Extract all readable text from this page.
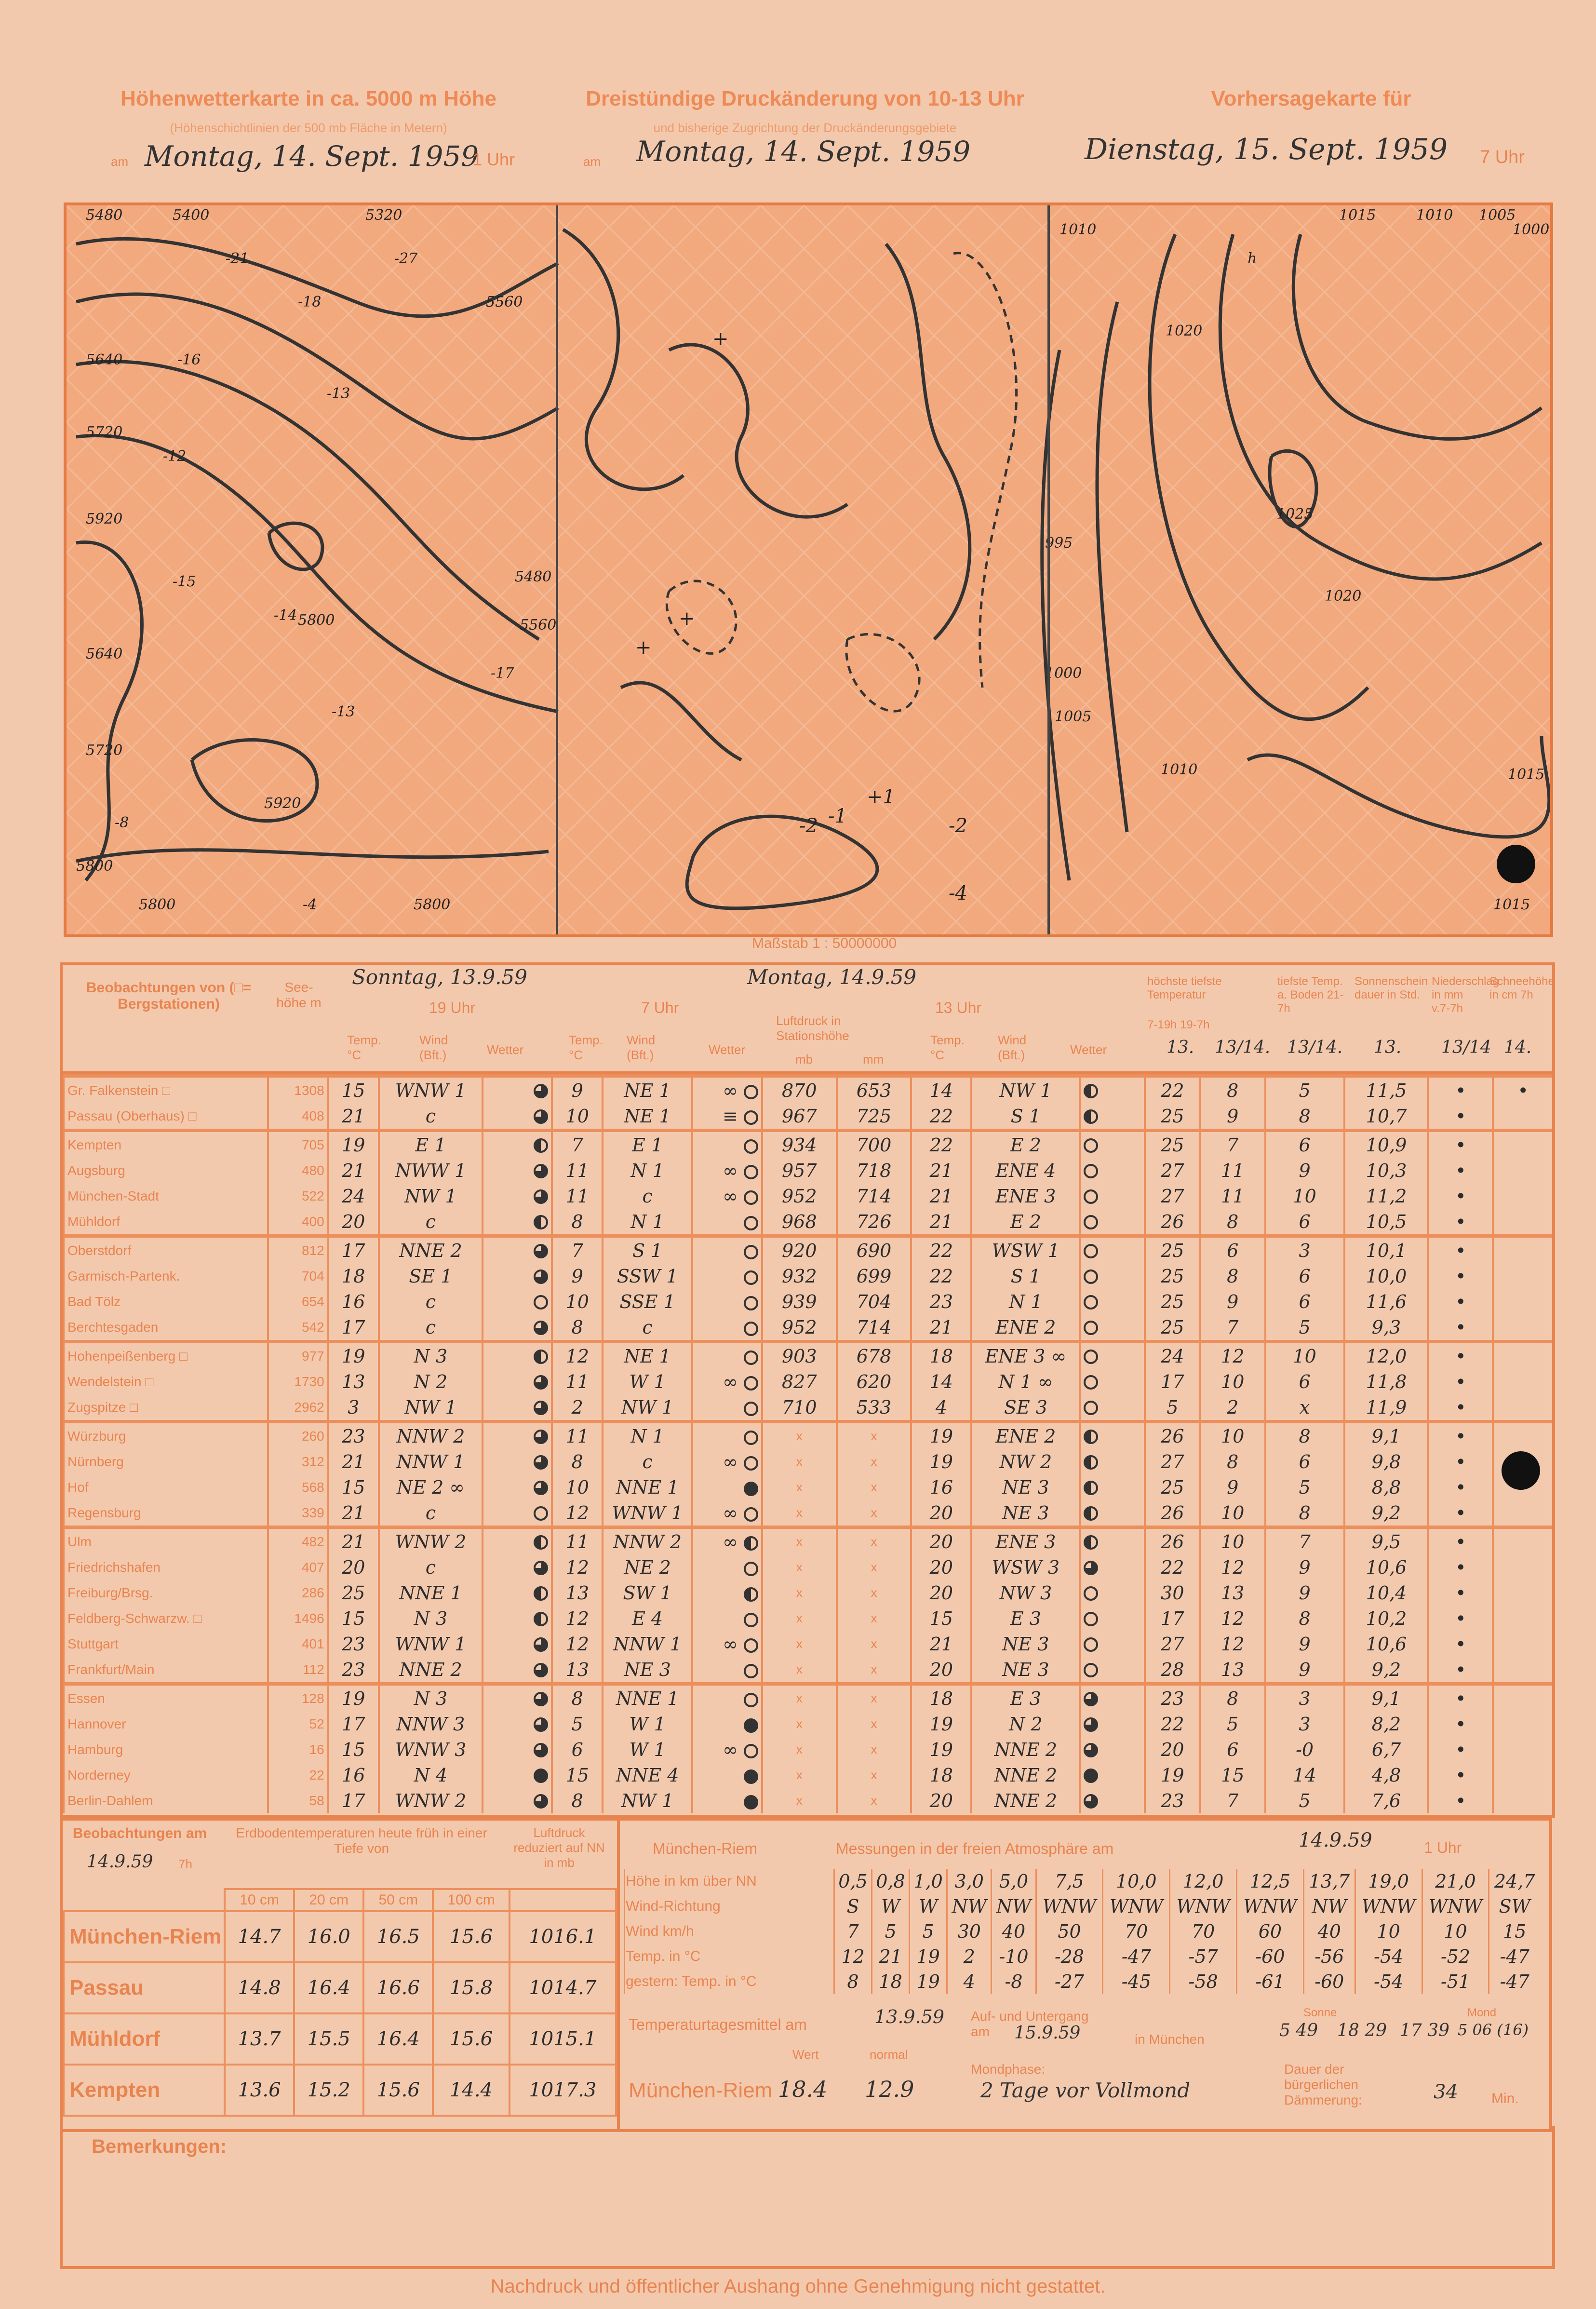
Höhenwetterkarte in ca. 5000 m Höhe
(Höhenschichtlinien der 500 mb Fläche in Metern)
am Montag, 14. Sept. 1959
1 Uhr
Dreistündige Druckänderung von 10-13 Uhr
und bisherige Zugrichtung der Druckänderungsgebiete
am Montag, 14. Sept. 1959
Vorhersagekarte für
Dienstag, 15. Sept. 1959 7 Uhr
5480	5400	5320
-21	-27
5560
-18
5640	-16
5720
-12
-13
5920
-15
5800
5640
-14
5480
5560
-17
-13
5720
5920
-8
5800
5800	5800
-4
+
+
+
-2 -1
+1
-2
-4
1010
1015	1010 1005
1000
1020
1025
1020
995
1000
1005
1010	1015
1015
h
Maßstab 1 : 50000000
Beobachtungen von (□= Bergstationen)
See-höhe m
Sonntag, 13.9.59	Montag, 14.9.59
19 Uhr	7 Uhr	13 Uhr
Temp. °C
Wind (Bft.)	Wetter
Temp. °C
Wind (Bft.)	Wetter
Luftdruck in Stationshöhe
mb	mm
Temp. °C
Wind (Bft.)	Wetter
höchste tiefste Temperatur
7-19h 19-7h
tiefste Temp. a. Boden 21-7h
Sonnenschein dauer in Std.
Niederschlag in mm v.7-7h
Schneehöhe in cm 7h
13. 13/14. 13/14. 13. 13/14 14.
Gr. Falkenstein □	1308	15	WNW 1		9	NE 1	∞	870	653	14	NW 1		22	8	5	11,5	•	•
Passau (Oberhaus) □	408	21	c		10	NE 1	≡	967	725	22	S 1		25	9	8	10,7	•	
Kempten	705	19	E 1		7	E 1		934	700	22	E 2		25	7	6	10,9	•	
Augsburg	480	21	NWW 1		11	N 1	∞	957	718	21	ENE 4		27	11	9	10,3	•	
München-Stadt	522	24	NW 1		11	c	∞	952	714	21	ENE 3		27	11	10	11,2	•	
Mühldorf	400	20	c		8	N 1		968	726	21	E 2		26	8	6	10,5	•	
Oberstdorf	812	17	NNE 2		7	S 1		920	690	22	WSW 1		25	6	3	10,1	•	
Garmisch-Partenk.	704	18	SE 1		9	SSW 1		932	699	22	S 1		25	8	6	10,0	•	
Bad Tölz	654	16	c		10	SSE 1		939	704	23	N 1		25	9	6	11,6	•	
Berchtesgaden	542	17	c		8	c		952	714	21	ENE 2		25	7	5	9,3	•	
Hohenpeißenberg □	977	19	N 3		12	NE 1		903	678	18	ENE 3 ∞		24	12	10	12,0	•	
Wendelstein □	1730	13	N 2		11	W 1	∞	827	620	14	N 1 ∞		17	10	6	11,8	•	
Zugspitze □	2962	3	NW 1		2	NW 1		710	533	4	SE 3		5	2	x	11,9	•	
Würzburg	260	23	NNW 2		11	N 1		x	x	19	ENE 2		26	10	8	9,1	•	
Nürnberg	312	21	NNW 1		8	c	∞	x	x	19	NW 2		27	8	6	9,8	•	
Hof	568	15	NE 2 ∞		10	NNE 1		x	x	16	NE 3		25	9	5	8,8	•	
Regensburg	339	21	c		12	WNW 1	∞	x	x	20	NE 3		26	10	8	9,2	•	
Ulm	482	21	WNW 2		11	NNW 2	∞	x	x	20	ENE 3		26	10	7	9,5	•	
Friedrichshafen	407	20	c		12	NE 2		x	x	20	WSW 3		22	12	9	10,6	•	
Freiburg/Brsg.	286	25	NNE 1		13	SW 1		x	x	20	NW 3		30	13	9	10,4	•	
Feldberg-Schwarzw. □	1496	15	N 3		12	E 4		x	x	15	E 3		17	12	8	10,2	•	
Stuttgart	401	23	WNW 1		12	NNW 1	∞	x	x	21	NE 3		27	12	9	10,6	•	
Frankfurt/Main	112	23	NNE 2		13	NE 3		x	x	20	NE 3		28	13	9	9,2	•	
Essen	128	19	N 3		8	NNE 1		x	x	18	E 3		23	8	3	9,1	•	
Hannover	52	17	NNW 3		5	W 1		x	x	19	N 2		22	5	3	8,2	•	
Hamburg	16	15	WNW 3		6	W 1	∞	x	x	19	NNE 2		20	6	-0	6,7	•	
Norderney	22	16	N 4		15	NNE 4		x	x	18	NNE 2		19	15	14	4,8	•	
Berlin-Dahlem	58	17	WNW 2		8	NW 1		x	x	20	NNE 2		23	7	5	7,6	•	
Beobachtungen am
14.9.59 7h
Erdbodentemperaturen heute früh in einer Tiefe von
Luftdruck reduziert auf NN in mb
	10 cm	20 cm	50 cm	100 cm	
München-Riem	14.7	16.0	16.5	15.6	1016.1
Passau	14.8	16.4	16.6	15.8	1014.7
Mühldorf	13.7	15.5	16.4	15.6	1015.1
Kempten	13.6	15.2	15.6	14.4	1017.3
München-Riem	Messungen in der freien Atmosphäre am	14.9.59	1 Uhr
Höhe in km über NN	0,5	0,8	1,0	3,0	5,0	7,5	10,0	12,0	12,5	13,7	19,0	21,0	24,7
Wind-Richtung	S	W	W	NW	NW	WNW	WNW	WNW	WNW	NW	WNW	WNW	SW
Wind km/h	7	5	5	30	40	50	70	70	60	40	10	10	15
Temp. in °C	12	21	19	2	-10	-28	-47	-57	-60	-56	-54	-52	-47
gestern: Temp. in °C	8	18	19	4	-8	-27	-45	-58	-61	-60	-54	-51	-47
Temperaturtagesmittel am	13.9.59
München-Riem
Wert
18.4
normal
12.9
Auf- und Untergang am	15.9.59	in München
Sonne
5 49 18 29
Mond
17 39 5 06 (16)
Mondphase:
2 Tage vor Vollmond
Dauer der bürgerlichen Dämmerung:	34 Min.
Bemerkungen:
Nachdruck und öffentlicher Aushang ohne Genehmigung nicht gestattet.
